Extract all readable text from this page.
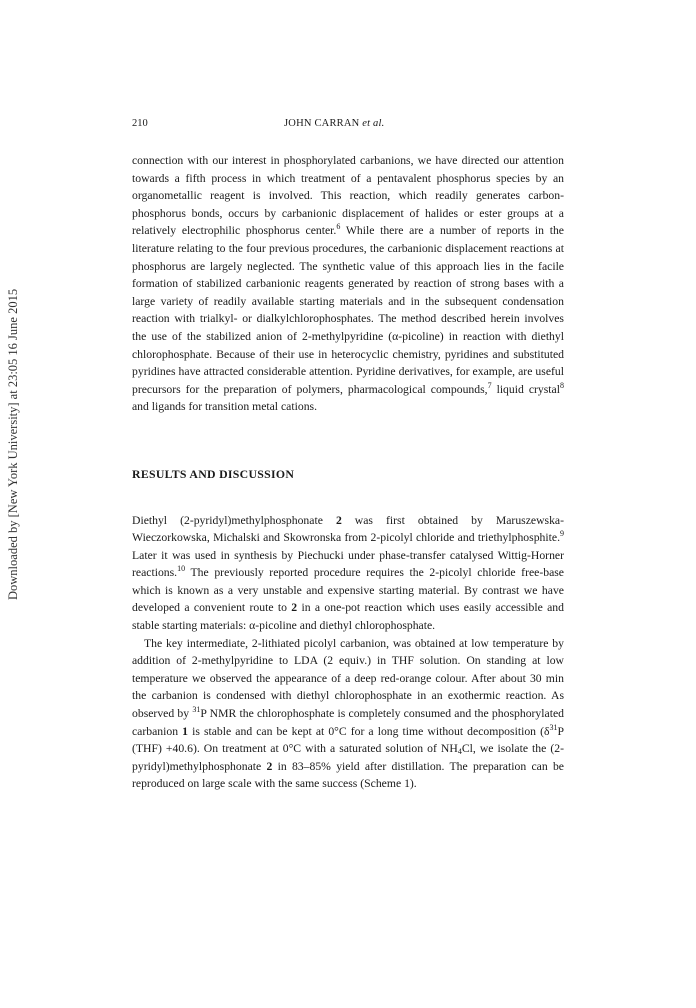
Downloaded by [New York University] at 23:05 16 June 2015
210	JOHN CARRAN et al.

connection with our interest in phosphorylated carbanions, we have directed our attention towards a fifth process in which treatment of a pentavalent phosphorus species by an organometallic reagent is involved. This reaction, which readily generates carbon-phosphorus bonds, occurs by carbanionic displacement of halides or ester groups at a relatively electrophilic phosphorus center.$^6$ While there are a number of reports in the literature relating to the four previous procedures, the carbanionic displacement reactions at phosphorus are largely neglected. The synthetic value of this approach lies in the facile formation of stabilized carbanionic reagents generated by reaction of strong bases with a large variety of readily available starting materials and in the subsequent condensation reaction with trialkyl- or dialkylchlorophosphates. The method described herein involves the use of the stabilized anion of 2-methylpyridine (α-picoline) in reaction with diethyl chlorophosphate. Because of their use in heterocyclic chemistry, pyridines and substituted pyridines have attracted considerable attention. Pyridine derivatives, for example, are useful precursors for the preparation of polymers, pharmacological compounds,$^7$ liquid crystal$^8$ and ligands for transition metal cations.

RESULTS AND DISCUSSION

Diethyl (2-pyridyl)methylphosphonate 2 was first obtained by Maruszewska-Wieczorkowska, Michalski and Skowronska from 2-picolyl chloride and triethylphosphite.$^9$ Later it was used in synthesis by Piechucki under phase-transfer catalysed Wittig-Horner reactions.$^{10}$ The previously reported procedure requires the 2-picolyl chloride free-base which is known as a very unstable and expensive starting material. By contrast we have developed a convenient route to 2 in a one-pot reaction which uses easily accessible and stable starting materials: α-picoline and diethyl chlorophosphate.

The key intermediate, 2-lithiated picolyl carbanion, was obtained at low temperature by addition of 2-methylpyridine to LDA (2 equiv.) in THF solution. On standing at low temperature we observed the appearance of a deep red-orange colour. After about 30 min the carbanion is condensed with diethyl chlorophosphate in an exothermic reaction. As observed by $^{31}$P NMR the chlorophosphate is completely consumed and the phosphorylated carbanion 1 is stable and can be kept at 0°C for a long time without decomposition ($\delta^{31}P$ (THF) +40.6). On treatment at 0°C with a saturated solution of $NH_4Cl$, we isolate the (2-pyridyl)methylphosphonate 2 in 83–85% yield after distillation. The preparation can be reproduced on large scale with the same success (Scheme 1).
